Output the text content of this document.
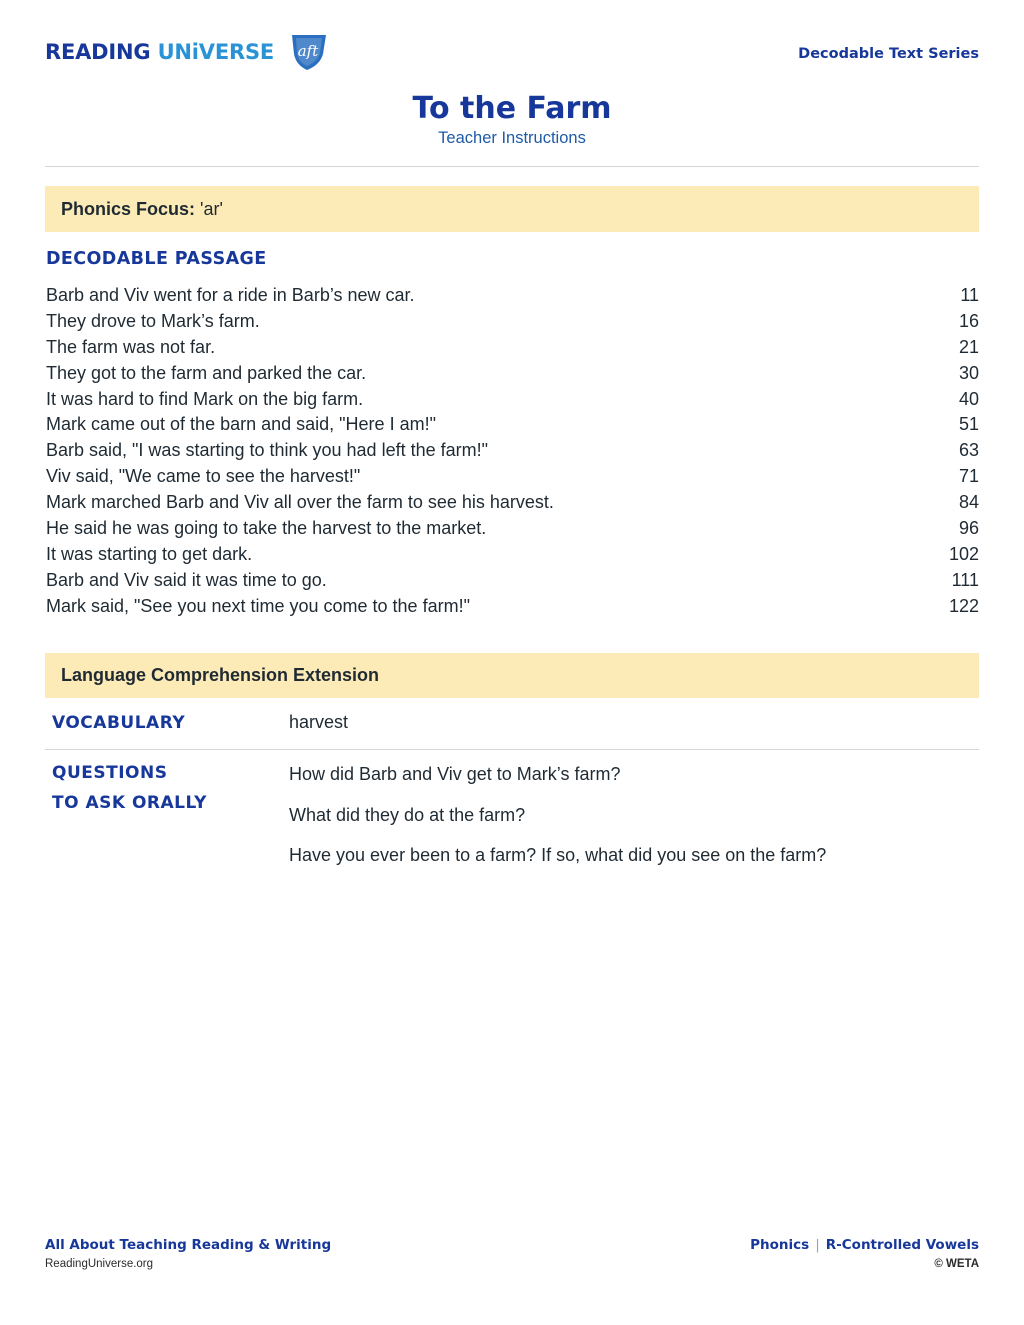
READING UNiVERSE aft	Decodable Text Series
To the Farm
Teacher Instructions
Phonics Focus: 'ar'
DECODABLE PASSAGE
Barb and Viv went for a ride in Barb’s new car.	11
They drove to Mark’s farm.	16
The farm was not far.	21
They got to the farm and parked the car.	30
It was hard to find Mark on the big farm.	40
Mark came out of the barn and said, "Here I am!"	51
Barb said, "I was starting to think you had left the farm!"	63
Viv said, "We came to see the harvest!"	71
Mark marched Barb and Viv all over the farm to see his harvest.	84
He said he was going to take the harvest to the market.	96
It was starting to get dark.	102
Barb and Viv said it was time to go.	111
Mark said, "See you next time you come to the farm!"	122
Language Comprehension Extension
VOCABULARY	harvest
QUESTIONS
TO ASK ORALLY
How did Barb and Viv get to Mark’s farm?
What did they do at the farm?
Have you ever been to a farm? If so, what did you see on the farm?
All About Teaching Reading & Writing
ReadingUniverse.org
Phonics | R-Controlled Vowels
© WETA
